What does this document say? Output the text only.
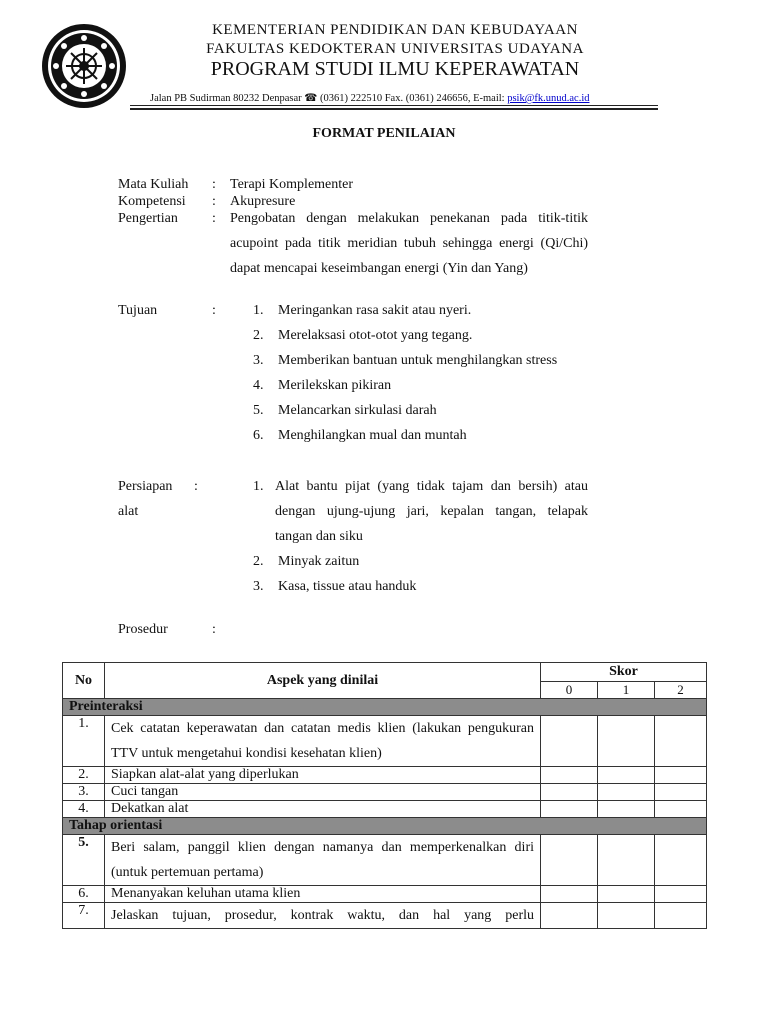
KEMENTERIAN PENDIDIKAN DAN KEBUDAYAAN
FAKULTAS KEDOKTERAN UNIVERSITAS UDAYANA
PROGRAM STUDI ILMU KEPERAWATAN
Jalan PB Sudirman 80232 Denpasar ☎ (0361) 222510 Fax. (0361) 246656, E-mail: psik@fk.unud.ac.id
FORMAT PENILAIAN
Mata Kuliah : Terapi Komplementer
Kompetensi : Akupresure
Pengertian : Pengobatan dengan melakukan penekanan pada titik-titik acupoint pada titik meridian tubuh sehingga energi (Qi/Chi) dapat mencapai keseimbangan energi (Yin dan Yang)
Tujuan	:	1. Meringankan rasa sakit atau nyeri.
2. Merelaksasi otot-otot yang tegang.
3. Memberikan bantuan untuk menghilangkan stress
4. Merilekskan pikiran
5. Melancarkan sirkulasi darah
6. Menghilangkan mual dan muntah
Persiapan
alat
:	1. Alat bantu pijat (yang tidak tajam dan bersih) atau dengan ujung-ujung jari, kepalan tangan, telapak tangan dan siku
2. Minyak zaitun
3. Kasa, tissue atau handuk
Prosedur	:
No	Aspek yang dinilai	Skor		
		0	1	2
Preinteraksi				
1.	Cek catatan keperawatan dan catatan medis klien (lakukan pengukuran TTV untuk mengetahui kondisi kesehatan klien)			
2.	Siapkan alat-alat yang diperlukan			
3.	Cuci tangan			
4.	Dekatkan alat			
Tahap orientasi				
5.	Beri salam, panggil klien dengan namanya dan memperkenalkan diri (untuk pertemuan pertama)			
6.	Menanyakan keluhan utama klien			
7.	Jelaskan tujuan, prosedur, kontrak waktu, dan hal yang perlu			
